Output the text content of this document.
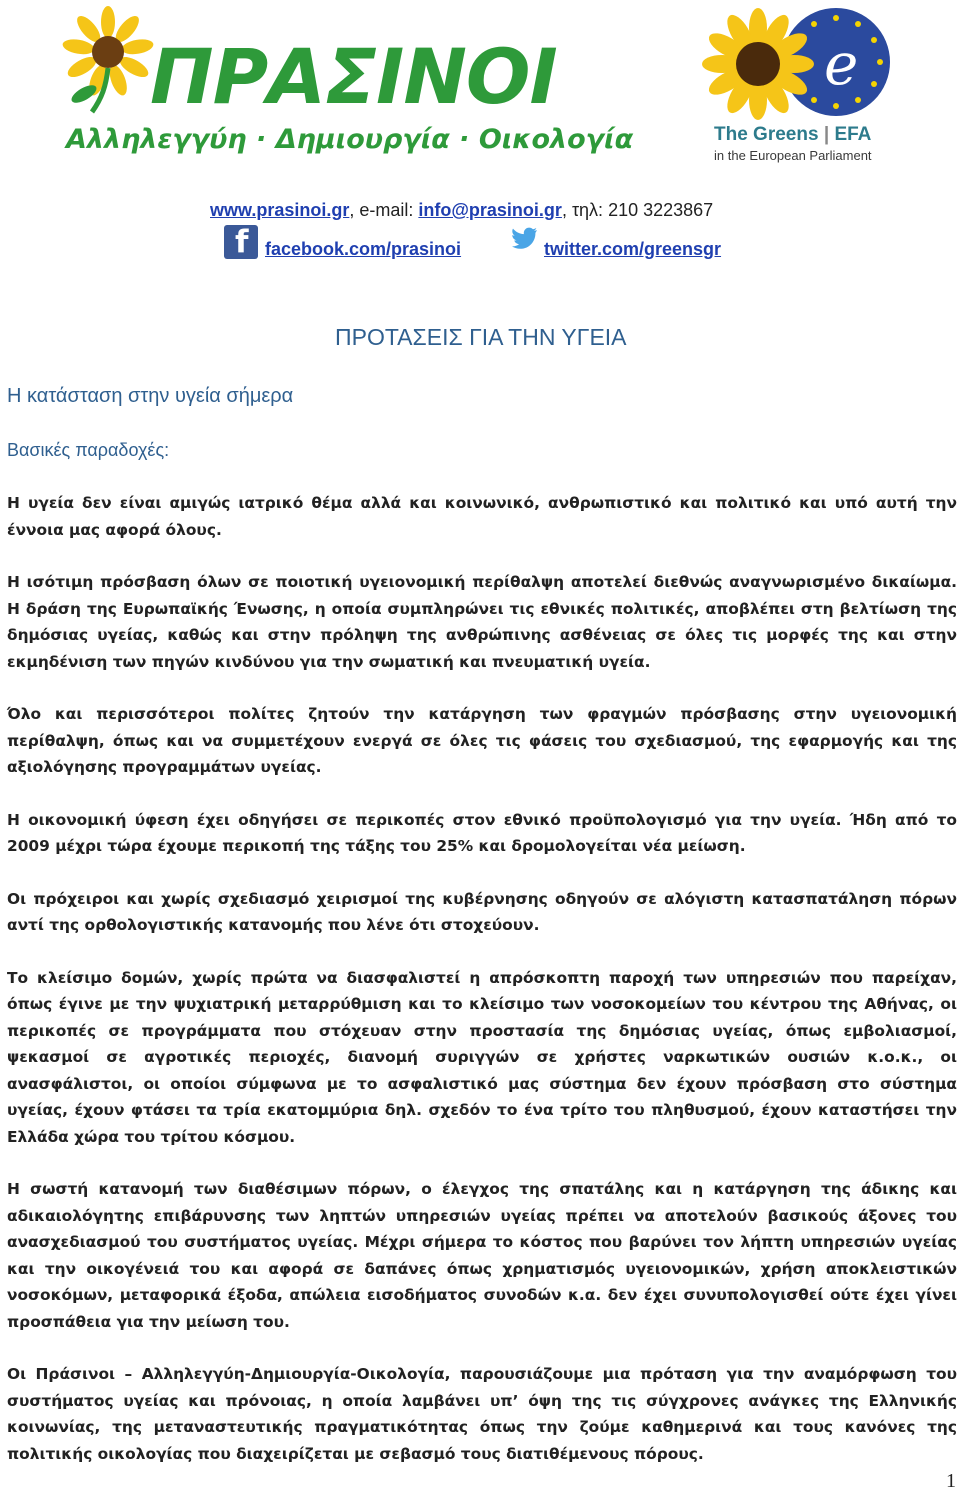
ΠΡΑΣΙΝΟΙ
Αλληλεγγύη · Δημιουργία · Οικολογία
e
The Greens | EFA
in the European Parliament
www.prasinoi.gr, e-mail: info@prasinoi.gr, τηλ: 210 3223867
f facebook.com/prasinoi	twitter.com/greensgr
ΠΡΟΤΑΣΕΙΣ ΓΙΑ ΤΗΝ ΥΓΕΙΑ
Η κατάσταση στην υγεία σήμερα
Βασικές παραδοχές:

Η υγεία δεν είναι αμιγώς ιατρικό θέμα αλλά και κοινωνικό, ανθρωπιστικό και πολιτικό και υπό αυτή την έννοια μας αφορά όλους.

Η ισότιμη πρόσβαση όλων σε ποιοτική υγειονομική περίθαλψη αποτελεί διεθνώς αναγνωρισμένο δικαίωμα. Η δράση της Ευρωπαϊκής Ένωσης, η οποία συμπληρώνει τις εθνικές πολιτικές, αποβλέπει στη βελτίωση της δημόσιας υγείας, καθώς και στην πρόληψη της ανθρώπινης ασθένειας σε όλες τις μορφές της και στην εκμηδένιση των πηγών κινδύνου για την σωματική και πνευματική υγεία.

Όλο και περισσότεροι πολίτες ζητούν την κατάργηση των φραγμών πρόσβασης στην υγειονομική περίθαλψη, όπως και να συμμετέχουν ενεργά σε όλες τις φάσεις του σχεδιασμού, της εφαρμογής και της αξιολόγησης προγραμμάτων υγείας.

Η οικονομική ύφεση έχει οδηγήσει σε περικοπές στον εθνικό προϋπολογισμό για την υγεία. Ήδη από το 2009 μέχρι τώρα έχουμε περικοπή της τάξης του 25% και δρομολογείται νέα μείωση.

Οι πρόχειροι και χωρίς σχεδιασμό χειρισμοί της κυβέρνησης οδηγούν σε αλόγιστη κατασπατάληση πόρων αντί της ορθολογιστικής κατανομής που λένε ότι στοχεύουν.

Το κλείσιμο δομών, χωρίς πρώτα να διασφαλιστεί η απρόσκοπτη παροχή των υπηρεσιών που παρείχαν, όπως έγινε με την ψυχιατρική μεταρρύθμιση και το κλείσιμο των νοσοκομείων του κέντρου της Αθήνας, οι περικοπές σε προγράμματα που στόχευαν στην προστασία της δημόσιας υγείας, όπως εμβολιασμοί, ψεκασμοί σε αγροτικές περιοχές, διανομή συριγγών σε χρήστες ναρκωτικών ουσιών κ.ο.κ., οι ανασφάλιστοι, οι οποίοι σύμφωνα με το ασφαλιστικό μας σύστημα δεν έχουν πρόσβαση στο σύστημα υγείας, έχουν φτάσει τα τρία εκατομμύρια δηλ. σχεδόν το ένα τρίτο του πληθυσμού, έχουν καταστήσει την Ελλάδα χώρα του τρίτου κόσμου.

Η σωστή κατανομή των διαθέσιμων πόρων, ο έλεγχος της σπατάλης και η κατάργηση της άδικης και αδικαιολόγητης επιβάρυνσης των ληπτών υπηρεσιών υγείας πρέπει να αποτελούν βασικούς άξονες του ανασχεδιασμού του συστήματος υγείας. Μέχρι σήμερα το κόστος που βαρύνει τον λήπτη υπηρεσιών υγείας και την οικογένειά του και αφορά σε δαπάνες όπως χρηματισμός υγειονομικών, χρήση αποκλειστικών νοσοκόμων, μεταφορικά έξοδα, απώλεια εισοδήματος συνοδών κ.α. δεν έχει συνυπολογισθεί ούτε έχει γίνει προσπάθεια για την μείωση του.

Οι Πράσινοι – Αλληλεγγύη-Δημιουργία-Οικολογία, παρουσιάζουμε μια πρόταση για την αναμόρφωση του συστήματος υγείας και πρόνοιας, η οποία λαμβάνει υπ’ όψη της τις σύγχρονες ανάγκες της Ελληνικής κοινωνίας, της μεταναστευτικής πραγματικότητας όπως την ζούμε καθημερινά και τους κανόνες της πολιτικής οικολογίας που διαχειρίζεται με σεβασμό τους διατιθέμενους πόρους.

1
